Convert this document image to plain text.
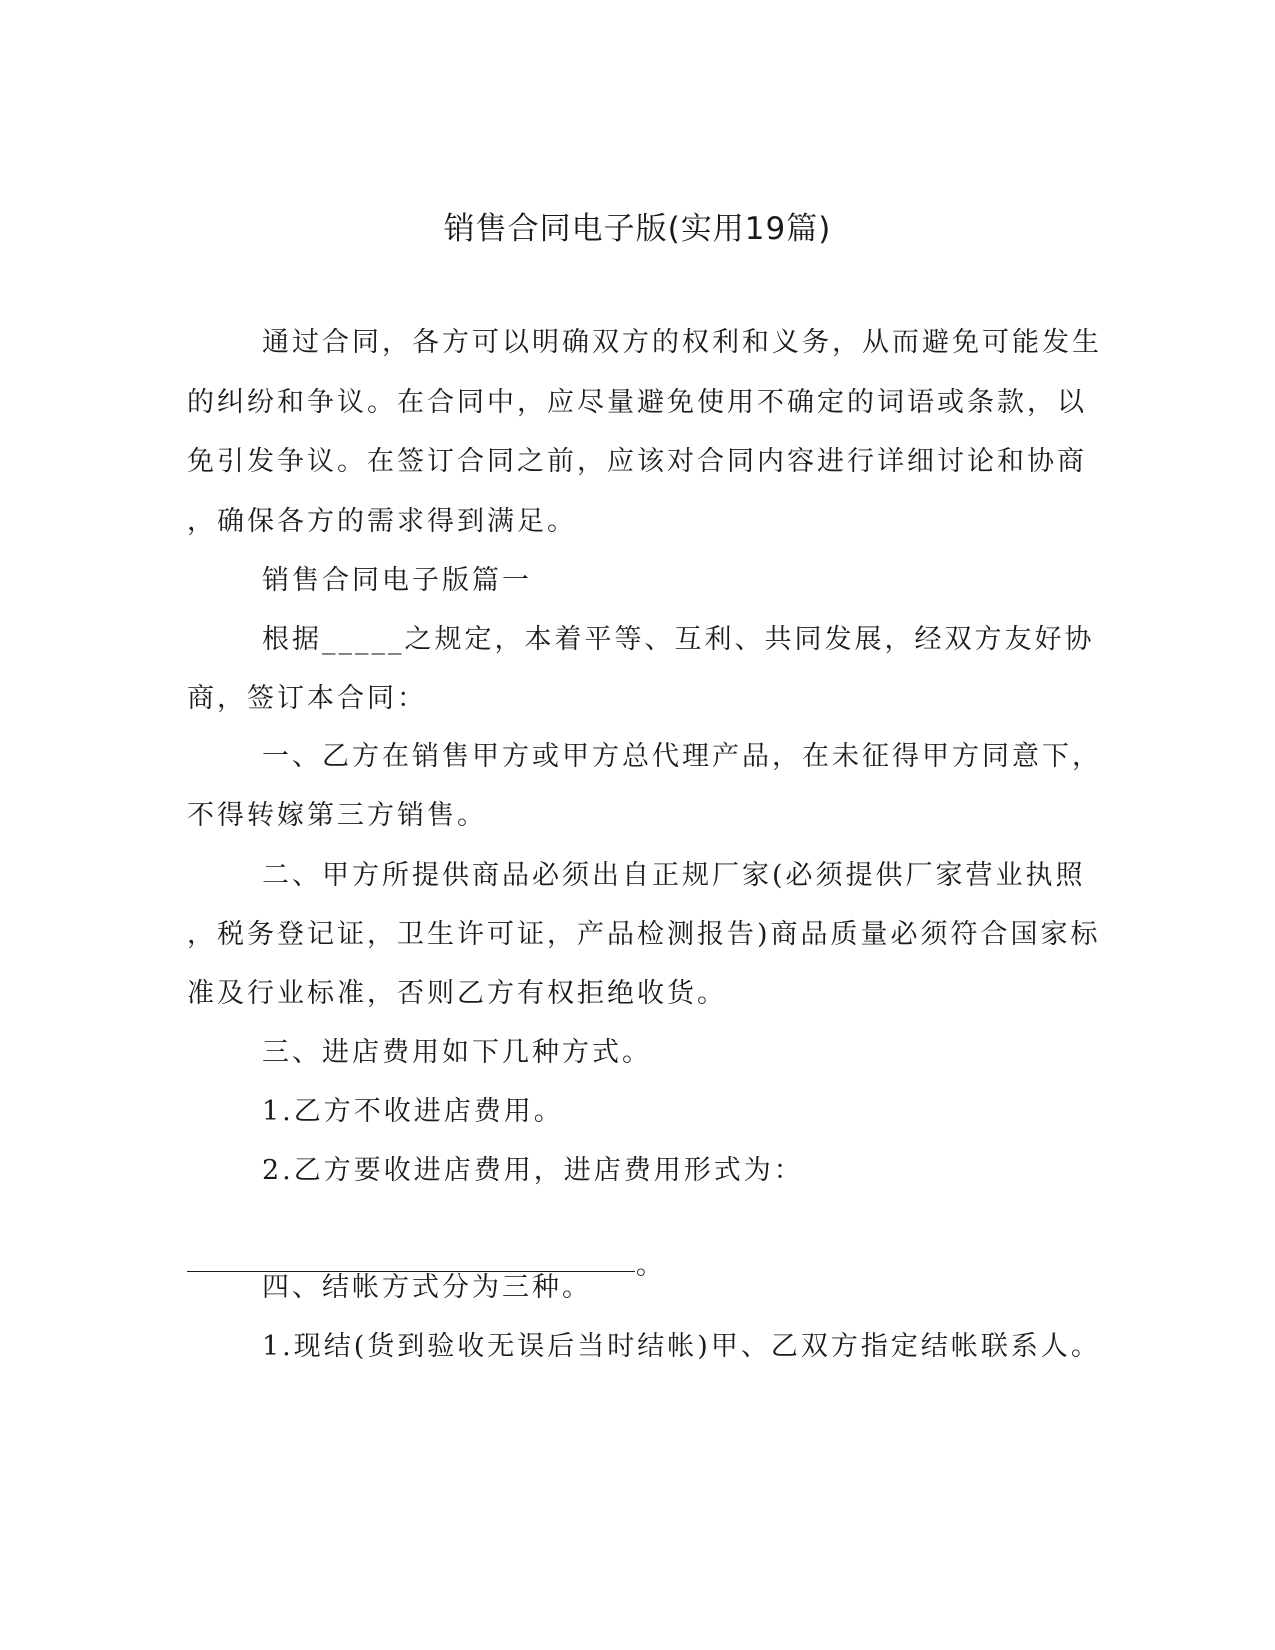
销售合同电子版(实用19篇)
通过合同，各方可以明确双方的权利和义务，从而避免可能发生
的纠纷和争议。在合同中，应尽量避免使用不确定的词语或条款，以
免引发争议。在签订合同之前，应该对合同内容进行详细讨论和协商
，确保各方的需求得到满足。
销售合同电子版篇一
根据_____之规定，本着平等、互利、共同发展，经双方友好协
商，签订本合同：
一、乙方在销售甲方或甲方总代理产品，在未征得甲方同意下，
不得转嫁第三方销售。
二、甲方所提供商品必须出自正规厂家(必须提供厂家营业执照
，税务登记证，卫生许可证，产品检测报告)商品质量必须符合国家标
准及行业标准，否则乙方有权拒绝收货。
三、进店费用如下几种方式。
1.乙方不收进店费用。
2.乙方要收进店费用，进店费用形式为：
。
四、结帐方式分为三种。
1.现结(货到验收无误后当时结帐)甲、乙双方指定结帐联系人。
